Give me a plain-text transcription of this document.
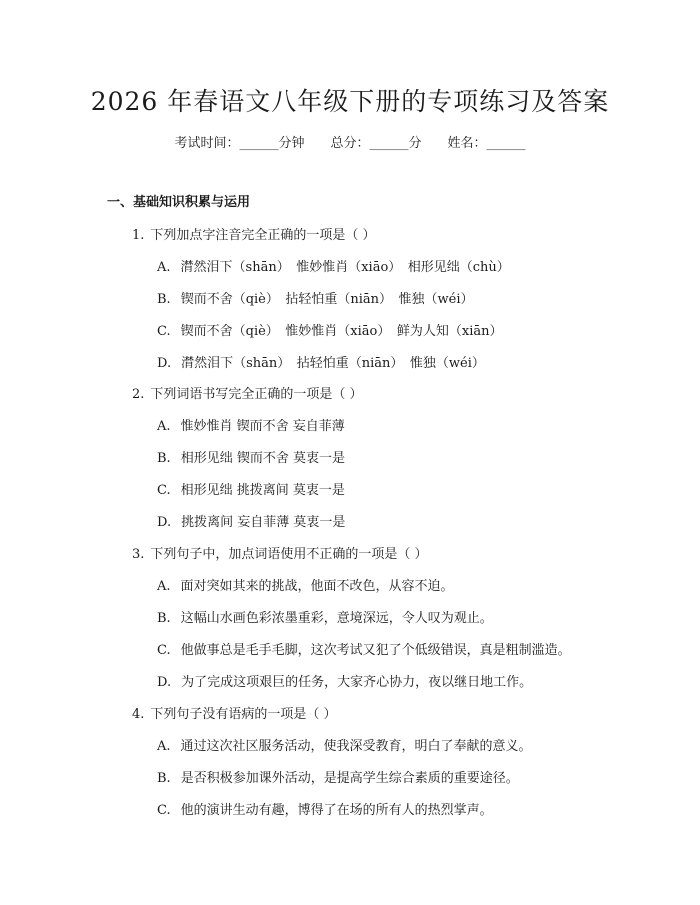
2026 年春语文八年级下册的专项练习及答案
考试时间：______分钟 总分：______分 姓名：______
一、基础知识积累与运用
1. 下列加点字注音完全正确的一项是（ ）
A. 潸然泪下（shān）　惟妙惟肖（xiāo）　相形见绌（chù）
B. 锲而不舍（qiè）　拈轻怕重（niān）　惟独（wéi）
C. 锲而不舍（qiè）　惟妙惟肖（xiāo）　鲜为人知（xiān）
D. 潸然泪下（shān）　拈轻怕重（niān）　惟独（wéi）
2. 下列词语书写完全正确的一项是（ ）
A. 惟妙惟肖 锲而不舍 妄自菲薄
B. 相形见绌 锲而不舍 莫衷一是
C. 相形见绌 挑拨离间 莫衷一是
D. 挑拨离间 妄自菲薄 莫衷一是
3. 下列句子中，加点词语使用不正确的一项是（ ）
A. 面对突如其来的挑战，他面不改色，从容不迫。
B. 这幅山水画色彩浓墨重彩，意境深远，令人叹为观止。
C. 他做事总是毛手毛脚，这次考试又犯了个低级错误，真是粗制滥造。
D. 为了完成这项艰巨的任务，大家齐心协力，夜以继日地工作。
4. 下列句子没有语病的一项是（ ）
A. 通过这次社区服务活动，使我深受教育，明白了奉献的意义。
B. 是否积极参加课外活动，是提高学生综合素质的重要途径。
C. 他的演讲生动有趣，博得了在场的所有人的热烈掌声。
